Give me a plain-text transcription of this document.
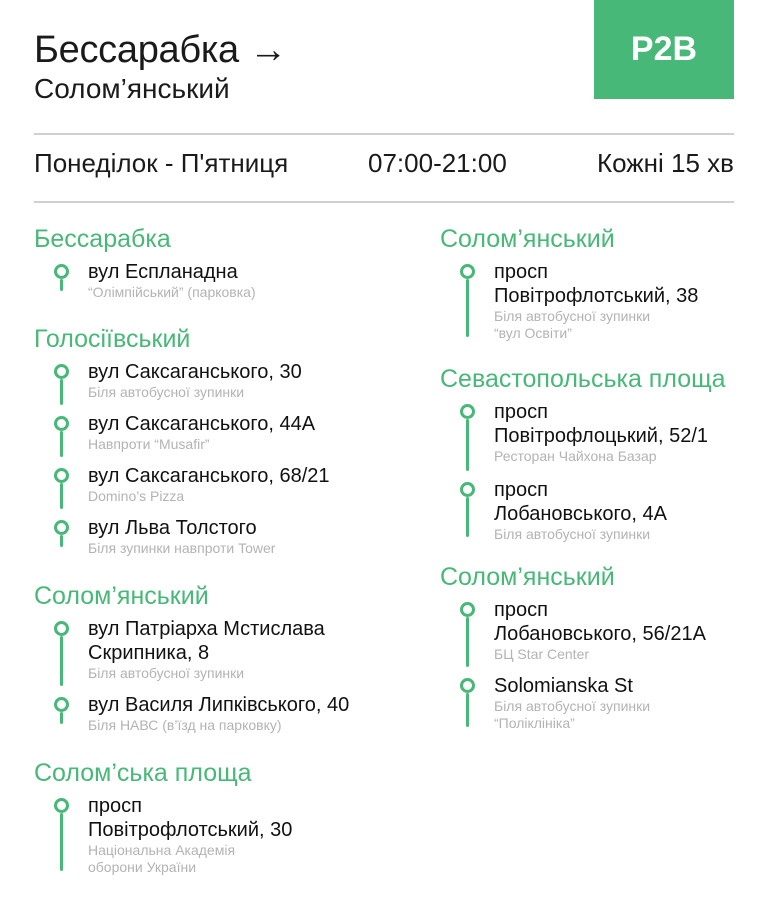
Бессарабка →
Солом’янський
P2B
Понеділок - П'ятниця	07:00-21:00	Кожні 15 хв
Бессарабка
вул Еспланадна
“Олімпійський” (парковка)
Голосіївський
вул Саксаганського, 30
Біля автобусної зупинки
вул Саксаганського, 44А
Навпроти “Musafir”
вул Саксаганського, 68/21
Domino’s Pizza
вул Льва Толстого
Біля зупинки навпроти Tower
Солом’янський
вул Патріарха Мстислава
Скрипника, 8
Біля автобусної зупинки
вул Василя Липківського, 40
Біля НАВС (в’їзд на парковку)
Солом’ська площа
просп
Повітрофлотський, 30
Національна Академія
оборони України
Солом’янський
просп
Повітрофлотський, 38
Біля автобусної зупинки
“вул Освіти”
Севастопольська площа
просп
Повітрофлоцький, 52/1
Ресторан Чайхона Базар
просп
Лобановського, 4А
Біля автобусної зупинки
Солом’янський
просп
Лобановського, 56/21А
БЦ Star Center
Solomianska St
Біля автобусної зупинки
“Поліклініка”
